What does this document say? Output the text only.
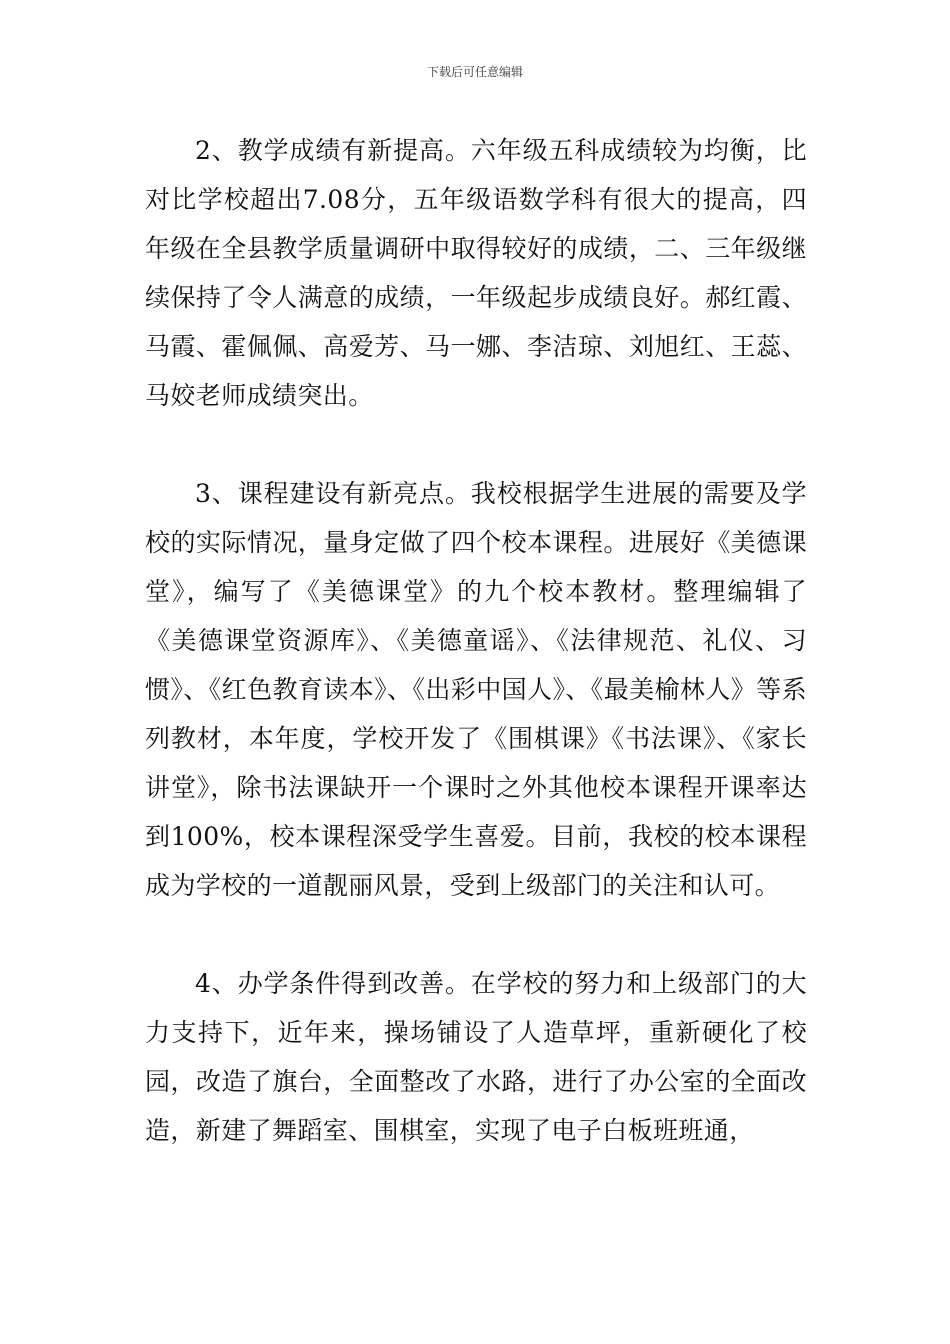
下载后可任意编辑

2、教学成绩有新提高。六年级五科成绩较为均衡，比对比学校超出7.08分，五年级语数学科有很大的提高，四年级在全县教学质量调研中取得较好的成绩，二、三年级继续保持了令人满意的成绩，一年级起步成绩良好。郝红霞、马霞、霍佩佩、高爱芳、马一娜、李洁琼、刘旭红、王蕊、马姣老师成绩突出。

3、课程建设有新亮点。我校根据学生进展的需要及学校的实际情况，量身定做了四个校本课程。进展好《美德课堂》，编写了《美德课堂》的九个校本教材。整理编辑了《美德课堂资源库》、《美德童谣》、《法律规范、礼仪、习惯》、《红色教育读本》、《出彩中国人》、《最美榆林人》等系列教材，本年度，学校开发了《围棋课》《书法课》、《家长讲堂》，除书法课缺开一个课时之外其他校本课程开课率达到100%，校本课程深受学生喜爱。目前，我校的校本课程成为学校的一道靓丽风景，受到上级部门的关注和认可。

4、办学条件得到改善。在学校的努力和上级部门的大力支持下，近年来，操场铺设了人造草坪，重新硬化了校园，改造了旗台，全面整改了水路，进行了办公室的全面改造，新建了舞蹈室、围棋室，实现了电子白板班班通，
